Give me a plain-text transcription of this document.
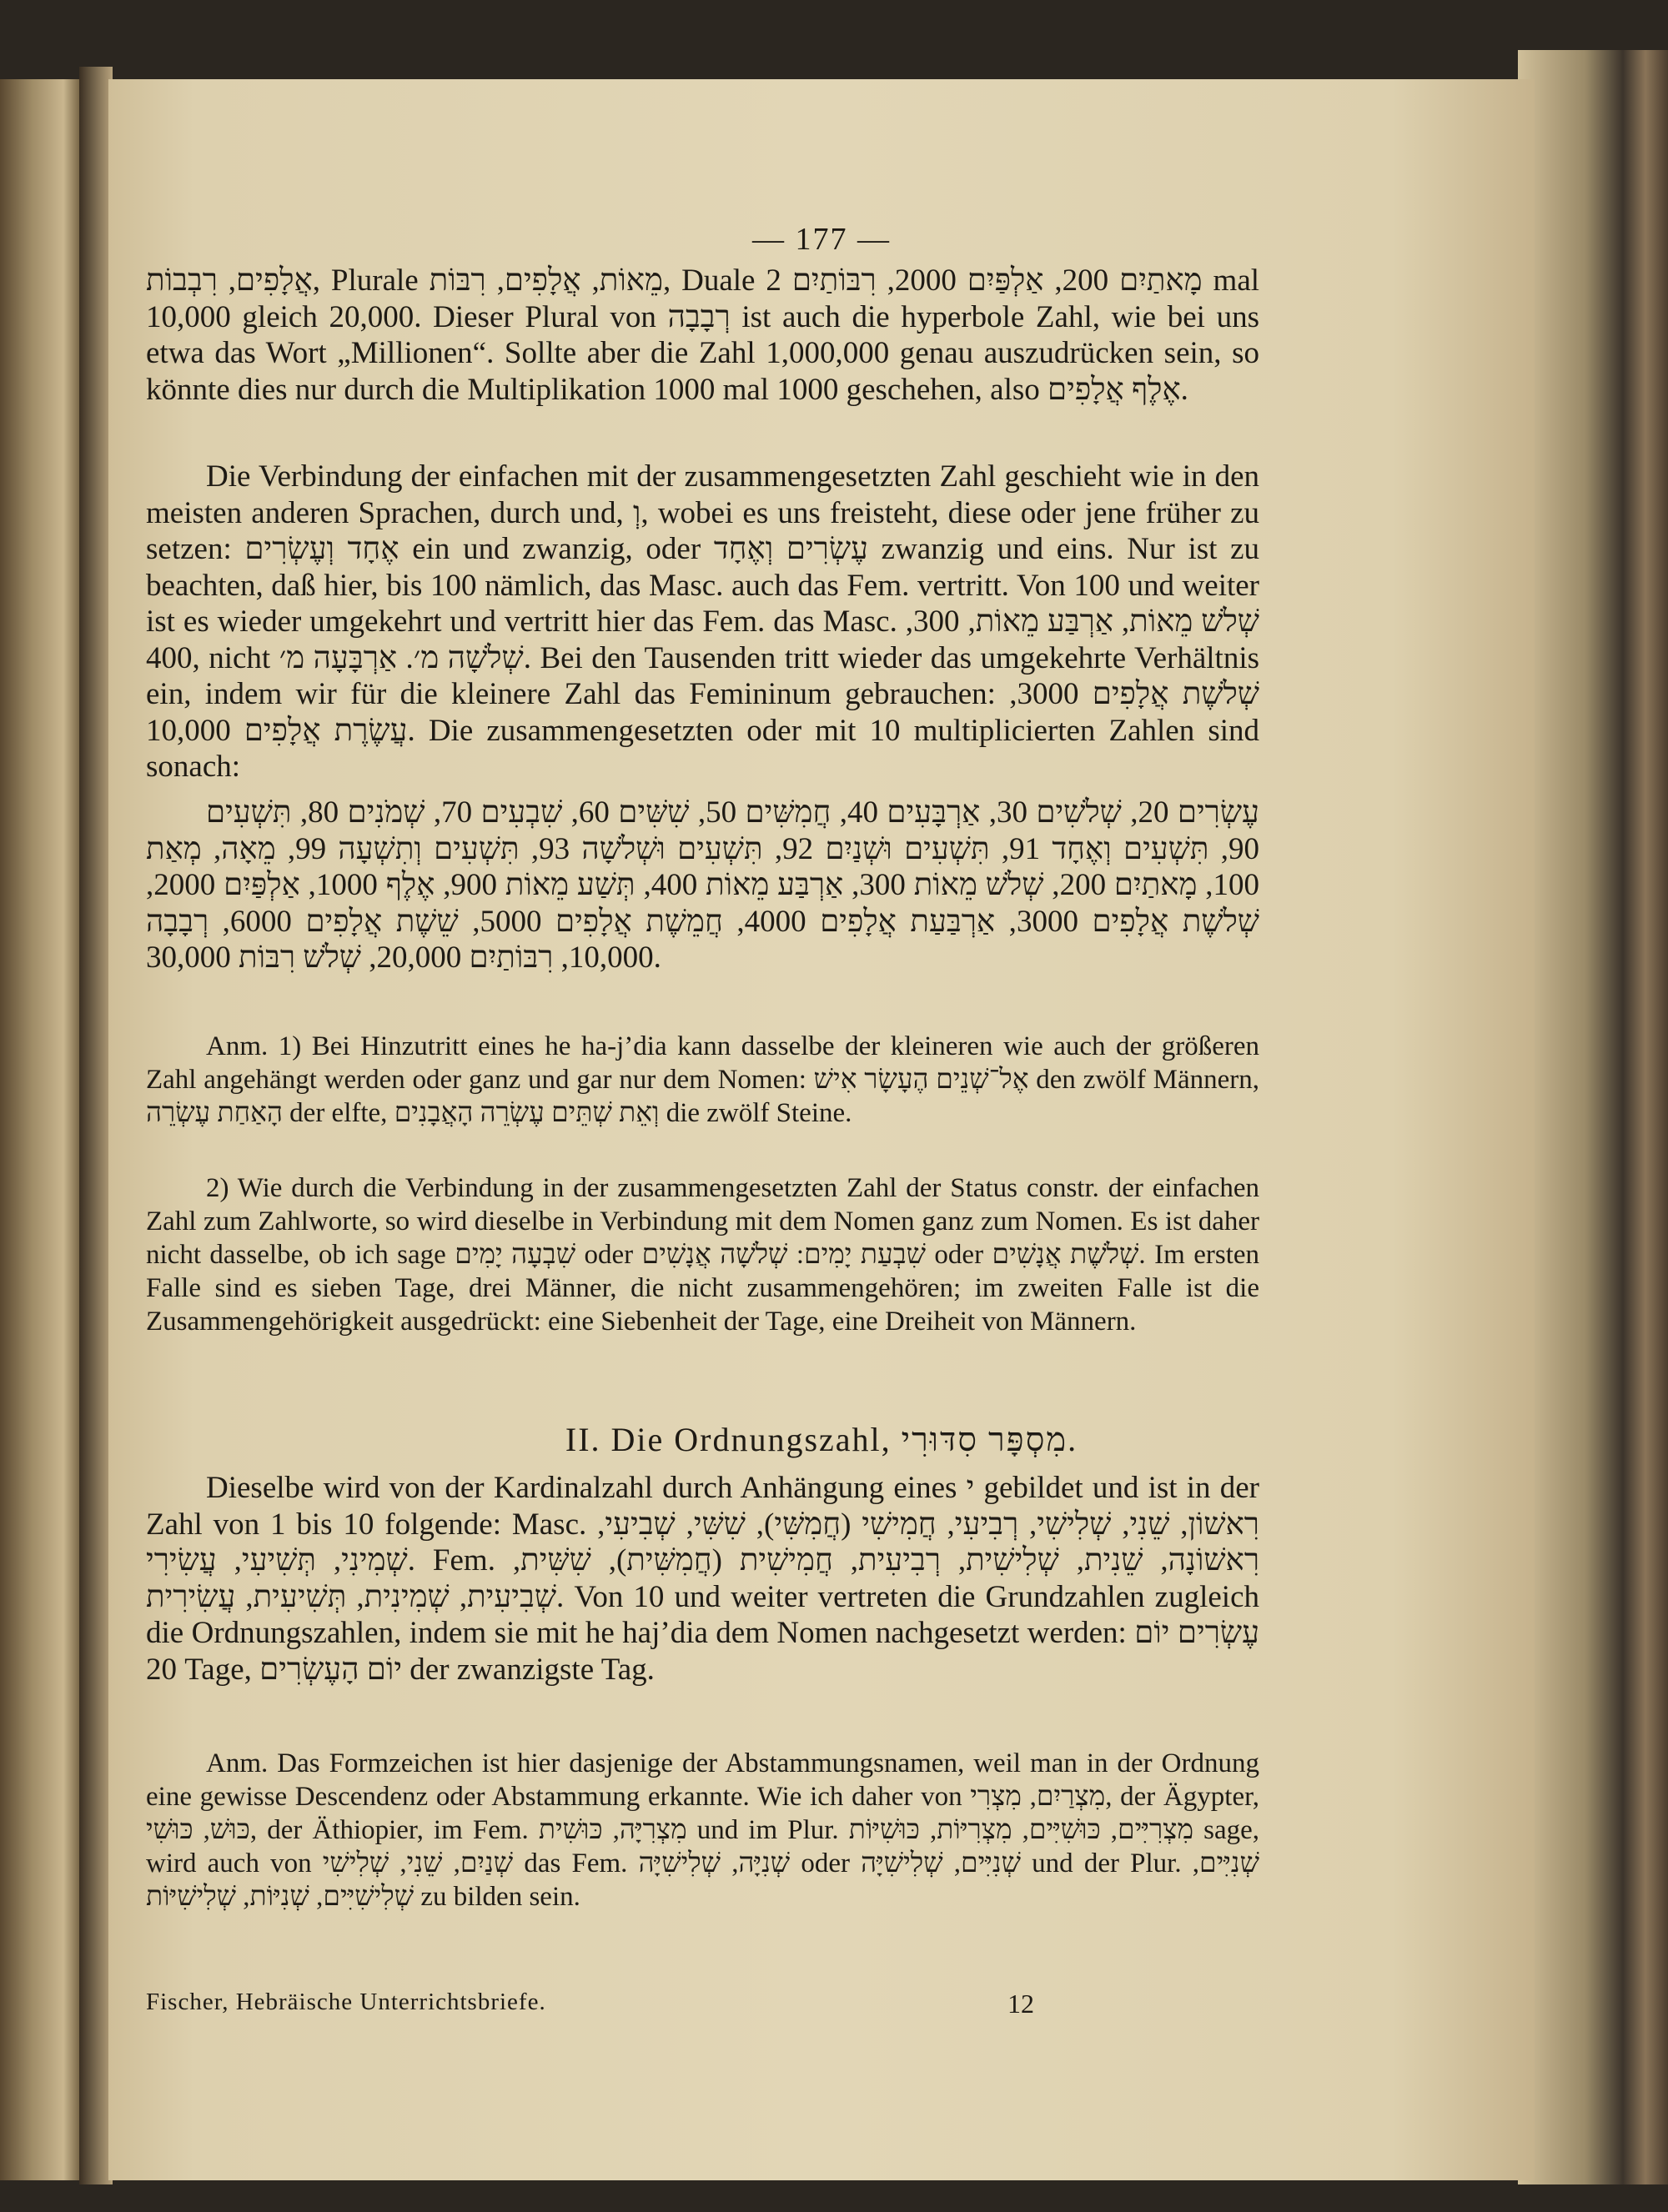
— 177 —

אֲלָפִים, רִבְבוֹת, Plurale מֵאוֹת, אֲלָפִים, רִבּוֹת, Duale מָאתַיִם 200, אַלְפַּיִם 2000, רִבּוֹתַיִם 2 mal 10,000 gleich 20,000. Dieser Plural von רְבָבָה ist auch die hyperbole Zahl, wie bei uns etwa das Wort „Millionen“. Sollte aber die Zahl 1,000,000 genau auszudrücken sein, so könnte dies nur durch die Multiplikation 1000 mal 1000 geschehen, also אֶלֶף אֲלָפִים.

Die Verbindung der einfachen mit der zusammengesetzten Zahl geschieht wie in den meisten anderen Sprachen, durch und, וְ, wobei es uns freisteht, diese oder jene früher zu setzen: אֶחָד וְעֶשְׂרִים ein und zwanzig, oder עֶשְׂרִים וְאֶחָד zwanzig und eins. Nur ist zu beachten, daß hier, bis 100 nämlich, das Masc. auch das Fem. vertritt. Von 100 und weiter ist es wieder umgekehrt und vertritt hier das Fem. das Masc. שְׁלֹשׁ מֵאוֹת, אַרְבַּע מֵאוֹת, 300, 400, nicht שְׁלֹשָׁה מ׳. אַרְבָּעָה מ׳. Bei den Tausenden tritt wieder das umgekehrte Verhältnis ein, indem wir für die kleinere Zahl das Femininum gebrauchen: שְׁלֹשֶׁת אֲלָפִים 3000, עֲשֶׂרֶת אֲלָפִים 10,000. Die zusammengesetzten oder mit 10 multiplicierten Zahlen sind sonach:

עֶשְׂרִים 20, שְׁלֹשִׁים 30, אַרְבָּעִים 40, חֲמִשִּׁים 50, שִׁשִּׁים 60, שִׁבְעִים 70, שְׁמֹנִים 80, תִּשְׁעִים 90, תִּשְׁעִים וְאֶחָד 91, תִּשְׁעִים וּשְׁנַיִם 92, תִּשְׁעִים וּשְׁלֹשָׁה 93, תִּשְׁעִים וְתִשְׁעָה 99, מֵאָה, מְאַת 100, מָאתַיִם 200, שְׁלֹשׁ מֵאוֹת 300, אַרְבַּע מֵאוֹת 400, תְּשַׁע מֵאוֹת 900, אֶלֶף 1000, אַלְפַּיִם 2000, שְׁלֹשֶׁת אֲלָפִים 3000, אַרְבַּעַת אֲלָפִים 4000, חֲמֵשֶׁת אֲלָפִים 5000, שֵׁשֶׁת אֲלָפִים 6000, רְבָבָה 10,000, רִבּוֹתַיִם 20,000, שְׁלֹשׁ רִבּוֹת 30,000.

Anm. 1) Bei Hinzutritt eines he ha-j’dia kann dasselbe der kleineren wie auch der größeren Zahl angehängt werden oder ganz und gar nur dem Nomen: אֶל־שְׁנֵים הֶעָשָׂר אִישׁ den zwölf Männern, הָאַחַת עֶשְׂרֵה der elfte, וְאֵת שְׁתֵּים עֶשְׂרֵה הָאֲבָנִים die zwölf Steine.

2) Wie durch die Verbindung in der zusammengesetzten Zahl der Status constr. der einfachen Zahl zum Zahlworte, so wird dieselbe in Verbindung mit dem Nomen ganz zum Nomen. Es ist daher nicht dasselbe, ob ich sage שִׁבְעָה יָמִים oder שִׁבְעַת יָמִים: שְׁלֹשָׁה אֲנָשִׁים oder שְׁלֹשֶׁת אֲנָשִׁים. Im ersten Falle sind es sieben Tage, drei Männer, die nicht zusammengehören; im zweiten Falle ist die Zusammengehörigkeit ausgedrückt: eine Siebenheit der Tage, eine Dreiheit von Männern.

II. Die Ordnungszahl, מִסְפָּר סִדּוּרִי.

Dieselbe wird von der Kardinalzahl durch Anhängung eines י gebildet und ist in der Zahl von 1 bis 10 folgende: Masc. רִאשׁוֹן, שֵׁנִי, שְׁלִישִׁי, רְבִיעִי, חֲמִישִׁי (חֲמִשִּׁי), שִׁשִּׁי, שְׁבִיעִי, שְׁמִינִי, תְּשִׁיעִי, עֲשִׂירִי. Fem. רִאשׁוֹנָה, שֵׁנִית, שְׁלִישִׁית, רְבִיעִית, חֲמִישִׁית (חֲמִשִּׁית), שִׁשִּׁית, שְׁבִיעִית, שְׁמִינִית, תְּשִׁיעִית, עֲשִׂירִית. Von 10 und weiter vertreten die Grundzahlen zugleich die Ordnungszahlen, indem sie mit he haj’dia dem Nomen nachgesetzt werden: עֶשְׂרִים יוֹם 20 Tage, יוֹם הָעֶשְׂרִים der zwanzigste Tag.

Anm. Das Formzeichen ist hier dasjenige der Abstammungsnamen, weil man in der Ordnung eine gewisse Descendenz oder Abstammung erkannte. Wie ich daher von מִצְרַיִם, מִצְרִי, der Ägypter, כּוּשׁ, כּוּשִׁי, der Äthiopier, im Fem. מִצְרִיָּה, כּוּשִׁית und im Plur. מִצְרִיִּים, כּוּשִׁיִּים, מִצְרִיּוֹת, כּוּשִׁיּוֹת sage, wird auch von שְׁנַיִם, שֵׁנִי, שְׁלִישִׁי das Fem. שְׁנִיָּה, שְׁלִישִׁיָּה oder שְׁנִיִּים, שְׁלִישִׁיָּה und der Plur. שְׁנִיִּים, שְׁלִישִׁיִּים, שְׁנִיּוֹת, שְׁלִישִׁיּוֹת zu bilden sein.

Fischer, Hebräische Unterrichtsbriefe.	12
